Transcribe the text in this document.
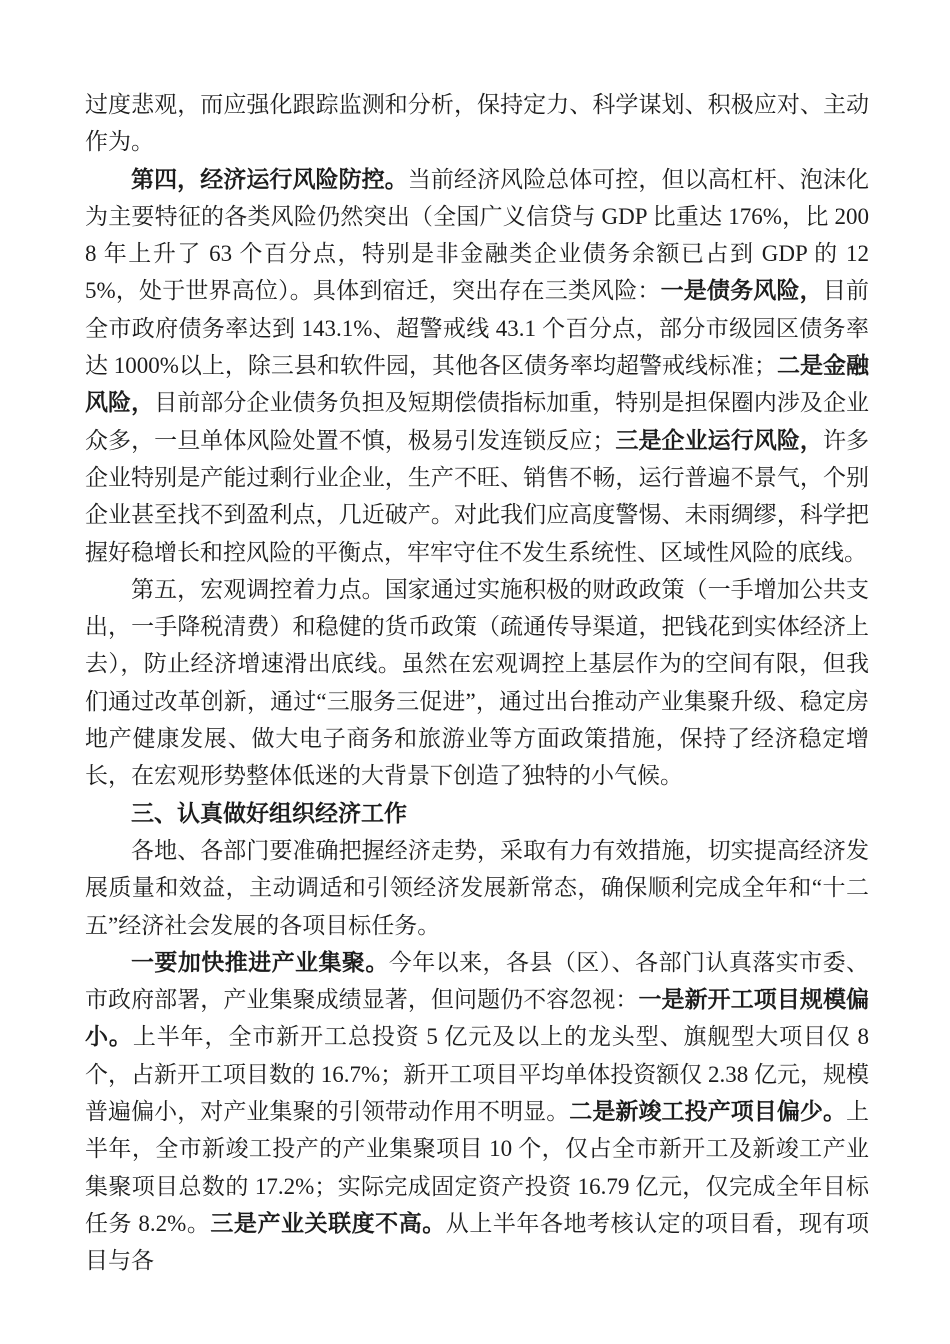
过度悲观，而应强化跟踪监测和分析，保持定力、科学谋划、积极应对、主动作为。

第四，经济运行风险防控。当前经济风险总体可控，但以高杠杆、泡沫化为主要特征的各类风险仍然突出（全国广义信贷与 GDP 比重达 176%，比 2008 年上升了 63 个百分点，特别是非金融类企业债务余额已占到 GDP 的 125%，处于世界高位）。具体到宿迁，突出存在三类风险：一是债务风险，目前全市政府债务率达到 143.1%、超警戒线 43.1 个百分点，部分市级园区债务率达 1000%以上，除三县和软件园，其他各区债务率均超警戒线标准；二是金融风险，目前部分企业债务负担及短期偿债指标加重，特别是担保圈内涉及企业众多，一旦单体风险处置不慎，极易引发连锁反应；三是企业运行风险，许多企业特别是产能过剩行业企业，生产不旺、销售不畅，运行普遍不景气，个别企业甚至找不到盈利点，几近破产。对此我们应高度警惕、未雨绸缪，科学把握好稳增长和控风险的平衡点，牢牢守住不发生系统性、区域性风险的底线。

第五，宏观调控着力点。国家通过实施积极的财政政策（一手增加公共支出，一手降税清费）和稳健的货币政策（疏通传导渠道，把钱花到实体经济上去），防止经济增速滑出底线。虽然在宏观调控上基层作为的空间有限，但我们通过改革创新，通过“三服务三促进”，通过出台推动产业集聚升级、稳定房地产健康发展、做大电子商务和旅游业等方面政策措施，保持了经济稳定增长，在宏观形势整体低迷的大背景下创造了独特的小气候。

三、认真做好组织经济工作

各地、各部门要准确把握经济走势，采取有力有效措施，切实提高经济发展质量和效益，主动调适和引领经济发展新常态，确保顺利完成全年和“十二五”经济社会发展的各项目标任务。

一要加快推进产业集聚。今年以来，各县（区）、各部门认真落实市委、市政府部署，产业集聚成绩显著，但问题仍不容忽视：一是新开工项目规模偏小。上半年，全市新开工总投资 5 亿元及以上的龙头型、旗舰型大项目仅 8 个，占新开工项目数的 16.7%；新开工项目平均单体投资额仅 2.38 亿元，规模普遍偏小，对产业集聚的引领带动作用不明显。二是新竣工投产项目偏少。上半年，全市新竣工投产的产业集聚项目 10 个，仅占全市新开工及新竣工产业集聚项目总数的 17.2%；实际完成固定资产投资 16.79 亿元，仅完成全年目标任务 8.2%。三是产业关联度不高。从上半年各地考核认定的项目看，现有项目与各
